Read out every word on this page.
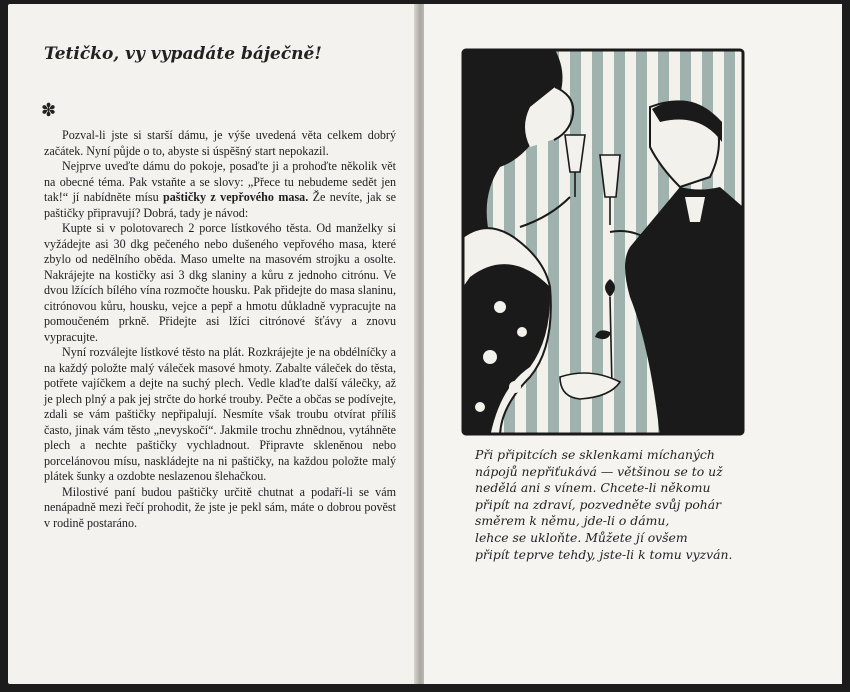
Tetičko, vy vypadáte báječně!
✽

Pozval-li jste si starší dámu, je výše uvedená věta celkem dobrý začátek. Nyní půjde o to, abyste si úspěšný start nepokazil.

Nejprve uveďte dámu do pokoje, posaďte ji a prohoďte několik vět na obecné téma. Pak vstaňte a se slovy: „Přece tu nebudeme sedět jen tak!“ jí nabídněte mísu paštičky z vepřového masa. Že nevíte, jak se paštičky připravují? Dobrá, tady je návod:

Kupte si v polotovarech 2 porce lístkového těsta. Od manželky si vyžádejte asi 30 dkg pečeného nebo dušeného vepřového masa, které zbylo od nedělního oběda. Maso umelte na masovém strojku a osolte. Nakrájejte na kostičky asi 3 dkg slaniny a kůru z jednoho citrónu. Ve dvou lžících bílého vína rozmočte housku. Pak přidejte do masa slaninu, citrónovou kůru, housku, vejce a pepř a hmotu důkladně vypracujte na pomoučeném prkně. Přidejte asi lžíci citrónové šťávy a znovu vypracujte.

Nyní rozválejte lístkové těsto na plát. Rozkrájejte je na obdélníčky a na každý položte malý váleček masové hmoty. Zabalte váleček do těsta, potřete vajíčkem a dejte na suchý plech. Vedle klaďte další válečky, až je plech plný a pak jej strčte do horké trouby. Pečte a občas se podívejte, zdali se vám paštičky nepřipalují. Nesmíte však troubu otvírat příliš často, jinak vám těsto „nevyskočí“. Jakmile trochu zhnědnou, vytáhněte plech a nechte paštičky vychladnout. Připravte skleněnou nebo porcelánovou mísu, naskládejte na ni paštičky, na každou položte malý plátek šunky a ozdobte neslazenou šlehačkou.

Milostivé paní budou paštičky určitě chutnat a podaří-li se vám nenápadně mezi řečí prohodit, že jste je pekl sám, máte o dobrou pověst v rodině postaráno.

Při připitcích se sklenkami míchaných
nápojů nepřiťukává — většinou se to už
nedělá ani s vínem. Chcete-li někomu
připít na zdraví, pozvedněte svůj pohár
směrem k němu, jde-li o dámu,
lehce se ukloňte. Můžete jí ovšem
připít teprve tehdy, jste-li k tomu vyzván.
